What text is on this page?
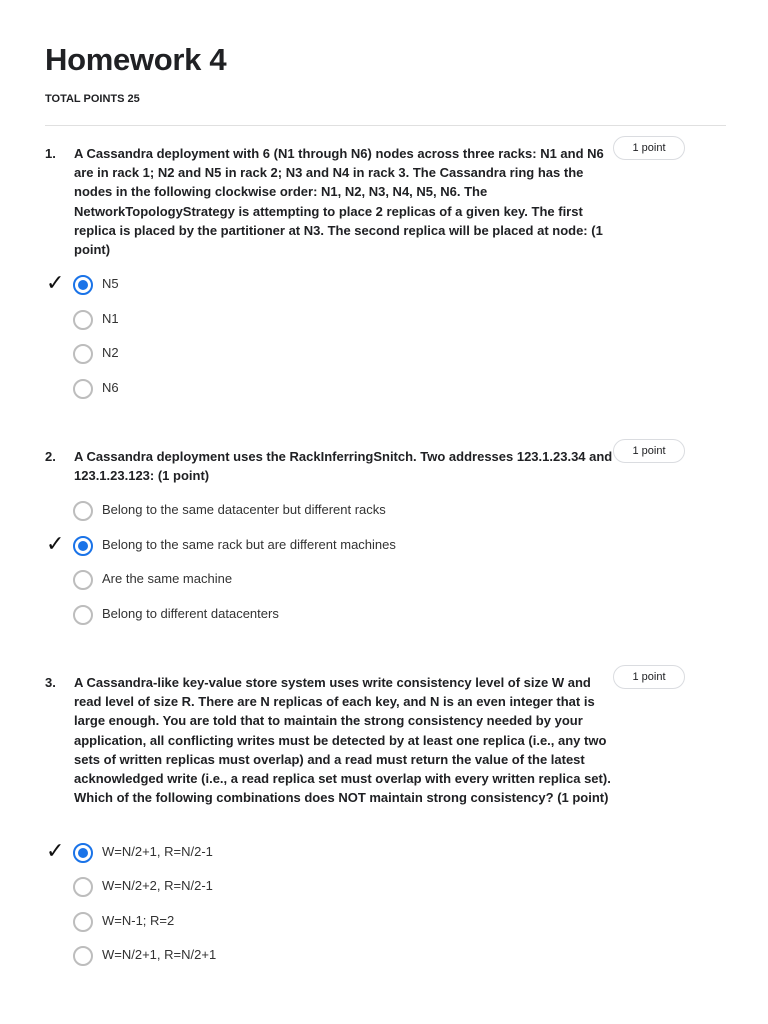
Homework 4
TOTAL POINTS 25
1. A Cassandra deployment with 6 (N1 through N6) nodes across three racks: N1 and N6 are in rack 1; N2 and N5 in rack 2; N3 and N4 in rack 3. The Cassandra ring has the nodes in the following clockwise order: N1, N2, N3, N4, N5, N6. The NetworkTopologyStrategy is attempting to place 2 replicas of a given key. The first replica is placed by the partitioner at N3. The second replica will be placed at node: (1 point)
1 point
✓	N5
N1
N2
N6
2. A Cassandra deployment uses the RackInferringSnitch. Two addresses 123.1.23.34 and 123.1.23.123: (1 point)
1 point
Belong to the same datacenter but different racks
✓	Belong to the same rack but are different machines
Are the same machine
Belong to different datacenters
3. A Cassandra-like key-value store system uses write consistency level of size W and read level of size R. There are N replicas of each key, and N is an even integer that is large enough. You are told that to maintain the strong consistency needed by your application, all conflicting writes must be detected by at least one replica (i.e., any two sets of written replicas must overlap) and a read must return the value of the latest acknowledged write (i.e., a read replica set must overlap with every written replica set). Which of the following combinations does NOT maintain strong consistency? (1 point)
1 point
✓	W=N/2+1, R=N/2-1
W=N/2+2, R=N/2-1
W=N-1; R=2
W=N/2+1, R=N/2+1
